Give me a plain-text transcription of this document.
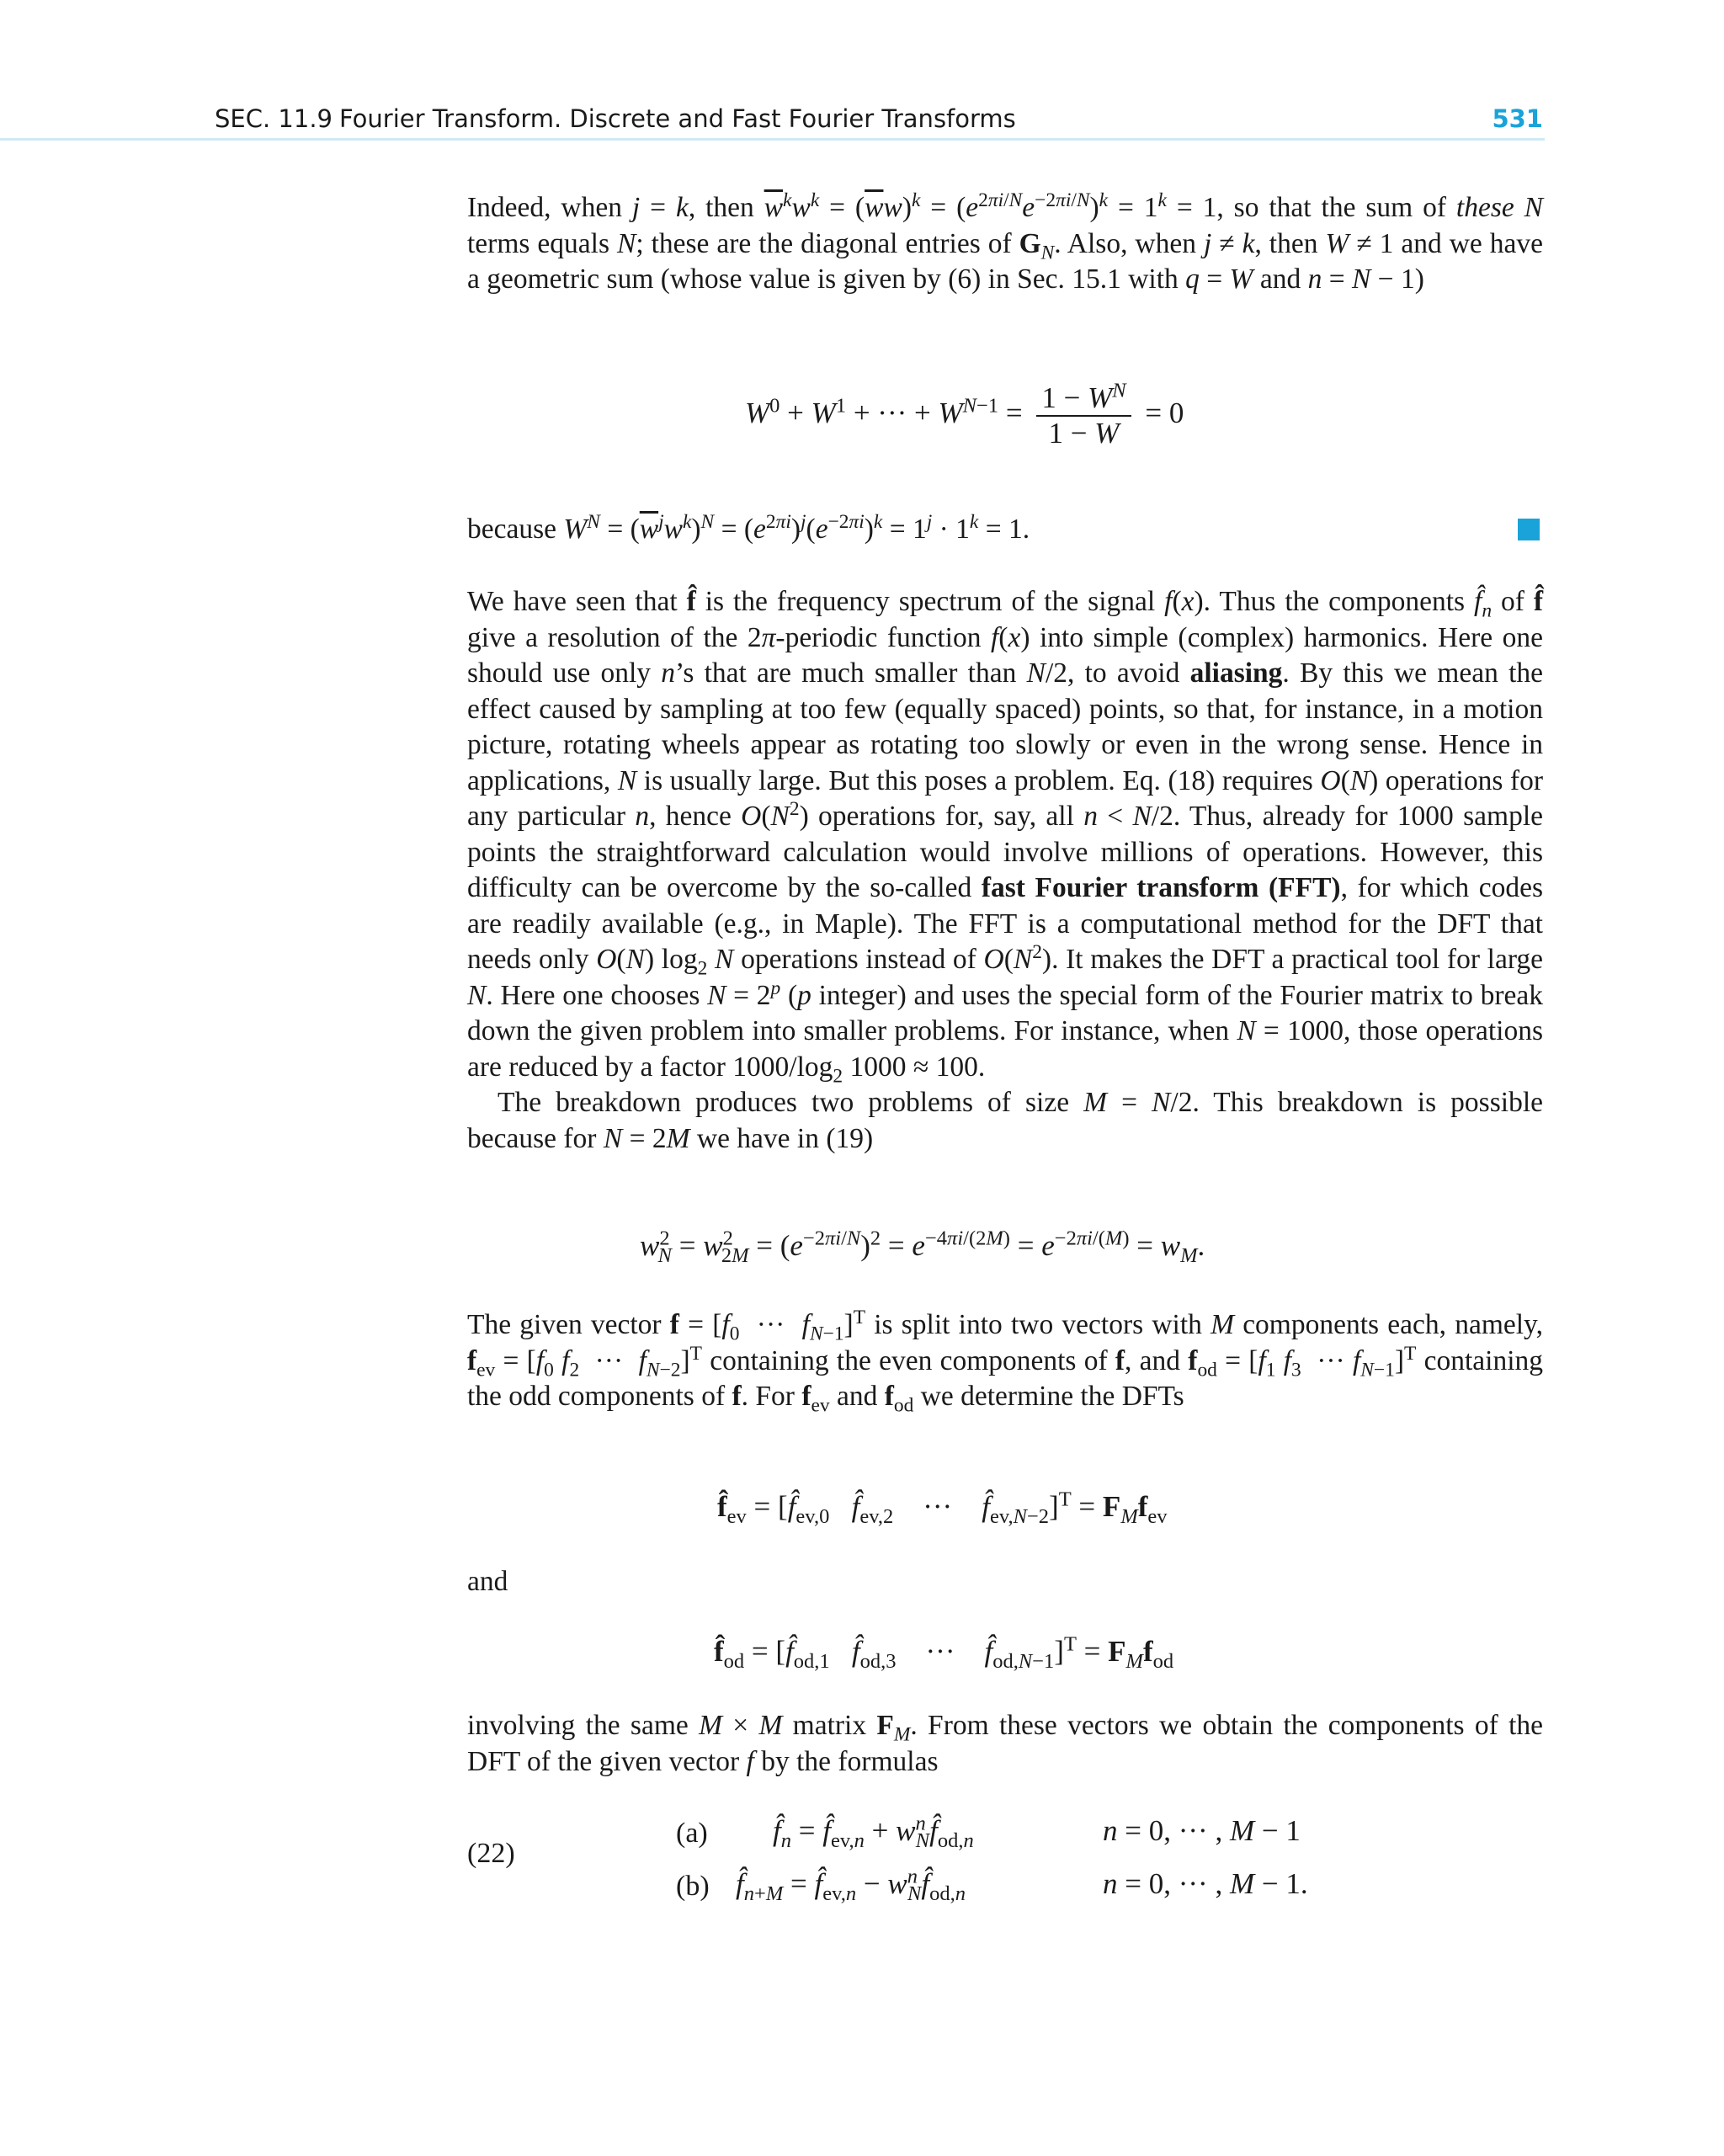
SEC. 11.9 Fourier Transform. Discrete and Fast Fourier Transforms	531

Indeed, when j = k, then $\overline{w}^kw^k = (\overline{w}w)^k = (e^{2\pi i/N}e^{-2\pi i/N})^k = 1^k = 1$, so that the sum of these N terms equals N; these are the diagonal entries of $G_N$. Also, when j ≠ k, then W ≠ 1 and we have a geometric sum (whose value is given by (6) in Sec. 15.1 with q = W and n = N − 1)

$W^0 + W^1$ + ··· + $W^{N-1} = \frac{1 - W^N}{1 - W} = 0$

because $W^N = (\overline{w}^jw^k)^N = (e^{2\pi i})^j(e^{-2\pi i})^k = 1^j \cdot 1^k = 1$.

We have seen that f̂ is the frequency spectrum of the signal f(x). Thus the components $f̂_n$ of f̂ give a resolution of the 2π-periodic function f(x) into simple (complex) harmonics. Here one should use only n’s that are much smaller than N/2, to avoid aliasing. By this we mean the effect caused by sampling at too few (equally spaced) points, so that, for instance, in a motion picture, rotating wheels appear as rotating too slowly or even in the wrong sense. Hence in applications, N is usually large. But this poses a problem. Eq. (18) requires O(N) operations for any particular n, hence $O(N^2)$ operations for, say, all n < N/2. Thus, already for 1000 sample points the straightforward calculation would involve millions of operations. However, this difficulty can be overcome by the so-called fast Fourier transform (FFT), for which codes are readily available (e.g., in Maple). The FFT is a computational method for the DFT that needs only O(N) $\log_2 N$ operations instead of $O(N^2)$. It makes the DFT a practical tool for large N. Here one chooses $N = 2^p$ (p integer) and uses the special form of the Fourier matrix to break down the given problem into smaller problems. For instance, when N = 1000, those operations are reduced by a factor $1000/\log_2$ 1000 ≈ 100.

The breakdown produces two problems of size M = N/2. This breakdown is possible because for N = 2M we have in (19)

$w^2_N = w^2_{2M} = (e^{-2\pi i/N})^2 = e^{-4\pi i/(2M)} = e^{-2\pi i/(M)} = w_M$.

The given vector $f = [f_0$  ···  $f_{N-1}]^T$ is split into two vectors with M components each, namely, $f_{ev} = [f_0$ $f_2$  ···  $f_{N-2}]^T$ containing the even components of f, and $f_{od} = [f_1$ $f_3$  ··· $f_{N-1}]^T$ containing the odd components of f. For $f_{ev}$ and $f_{od}$ we determine the DFTs

$f̂_{ev}$ = [$f̂_{ev,0}$ $f̂_{ev,2}$    ···    $f̂_{ev,N-2}]^T = F_Mf_{ev}$

and

$f̂_{od}$ = [$f̂_{od,1}$ $f̂_{od,3}$    ···    $f̂_{od,N-1}]^T = F_Mf_{od}$

involving the same M × M matrix $F_M$. From these vectors we obtain the components of the DFT of the given vector f by the formulas

(22)
(a) $f̂_n$ = $f̂_{ev,n}$ + $w^n_Nf̂_{od,n}$	n = 0, ··· , M − 1
(b) $f̂_{n+M}$ = $f̂_{ev,n}$ − $w^n_Nf̂_{od,n}$	n = 0, ··· , M − 1.
